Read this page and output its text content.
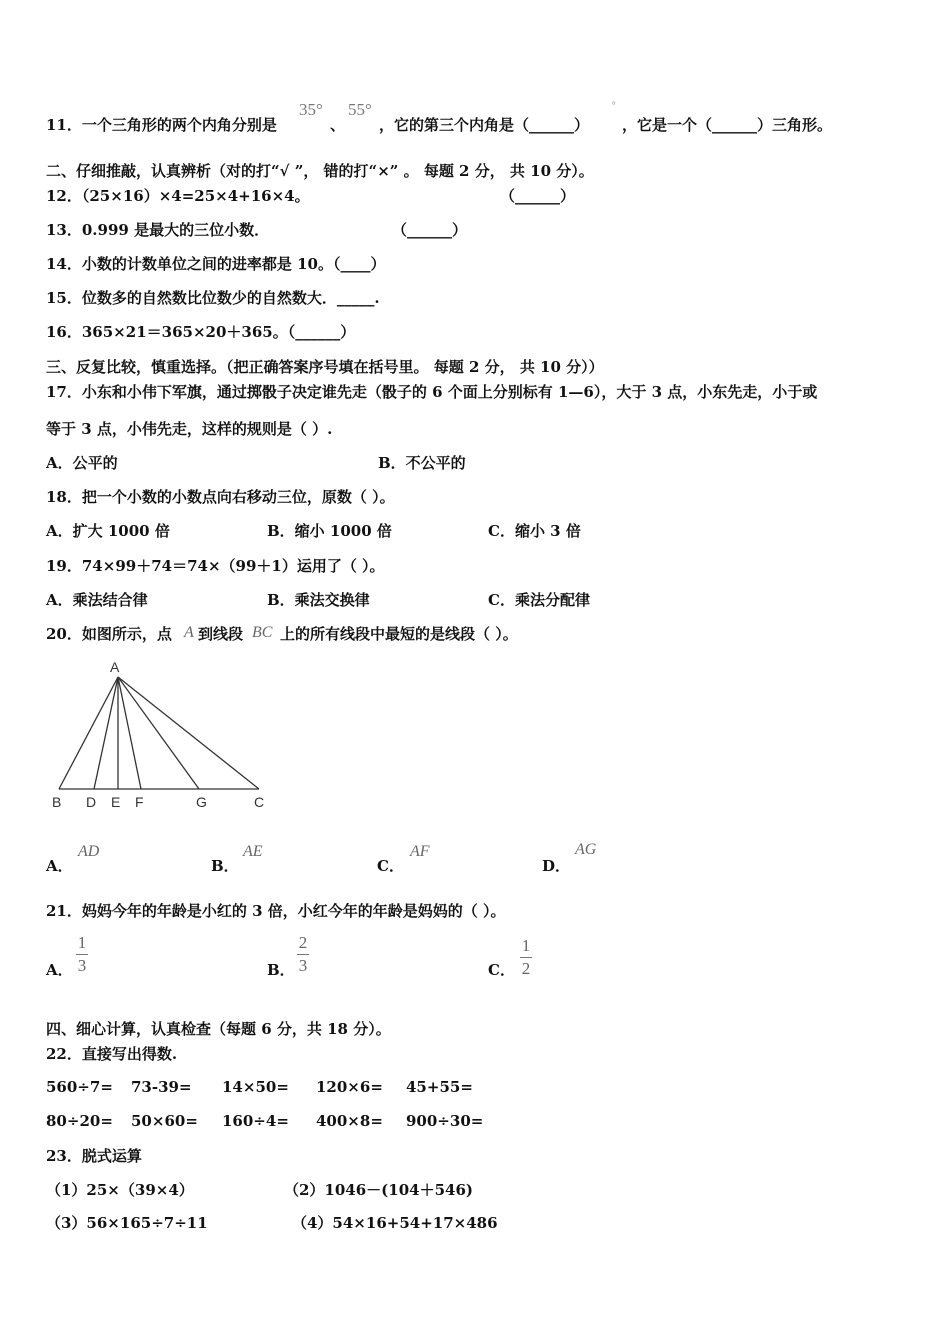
11．一个三角形的两个内角分别是
35°
、
55°
，它的第三个内角是（______）
°
，它是一个（______）三角形。
二、仔细推敲，认真辨析（对的打“√ ”， 错的打“×” 。 每题 2 分， 共 10 分）。
12．（25×16）×4=25×4+16×4。	（______）
13．0.999 是最大的三位小数．	（______）
14．小数的计数单位之间的进率都是 10。（____）
15．位数多的自然数比位数少的自然数大．_____.
16．365×21＝365×20＋365。（______）
三、反复比较，慎重选择。（把正确答案序号填在括号里。 每题 2 分， 共 10 分））
17．小东和小伟下军旗，通过掷骰子决定谁先走（骰子的 6 个面上分别标有 1—6），大于 3 点，小东先走，小于或
等于 3 点，小伟先走，这样的规则是（ ）.
A．公平的	B．不公平的
18．把一个小数的小数点向右移动三位，原数（ ）。
A．扩大 1000 倍	B．缩小 1000 倍	C．缩小 3 倍
19．74×99＋74＝74×（99＋1）运用了（ ）。
A．乘法结合律	B．乘法交换律	C．乘法分配律
20．如图所示，点 A 到线段 BC 上的所有线段中最短的是线段（ ）。
A
B D E F	G	C
A．
AD
B．
AE
C．
AF
D．
AG
21．妈妈今年的年龄是小红的 3 倍，小红今年的年龄是妈妈的（ ）。
A．
1
3	B．
2
3	C．
1
2
四、细心计算，认真检查（每题 6 分，共 18 分）。
22．直接写出得数.
560÷7= 73-39= 14×50= 120×6= 45+55=
80÷20= 50×60= 160÷4= 400×8= 900÷30=
23．脱式运算
（1）25×（39×4）	（2）1046－(104＋546)
（3）56×165÷7÷11	（4）54×16+54+17×486
